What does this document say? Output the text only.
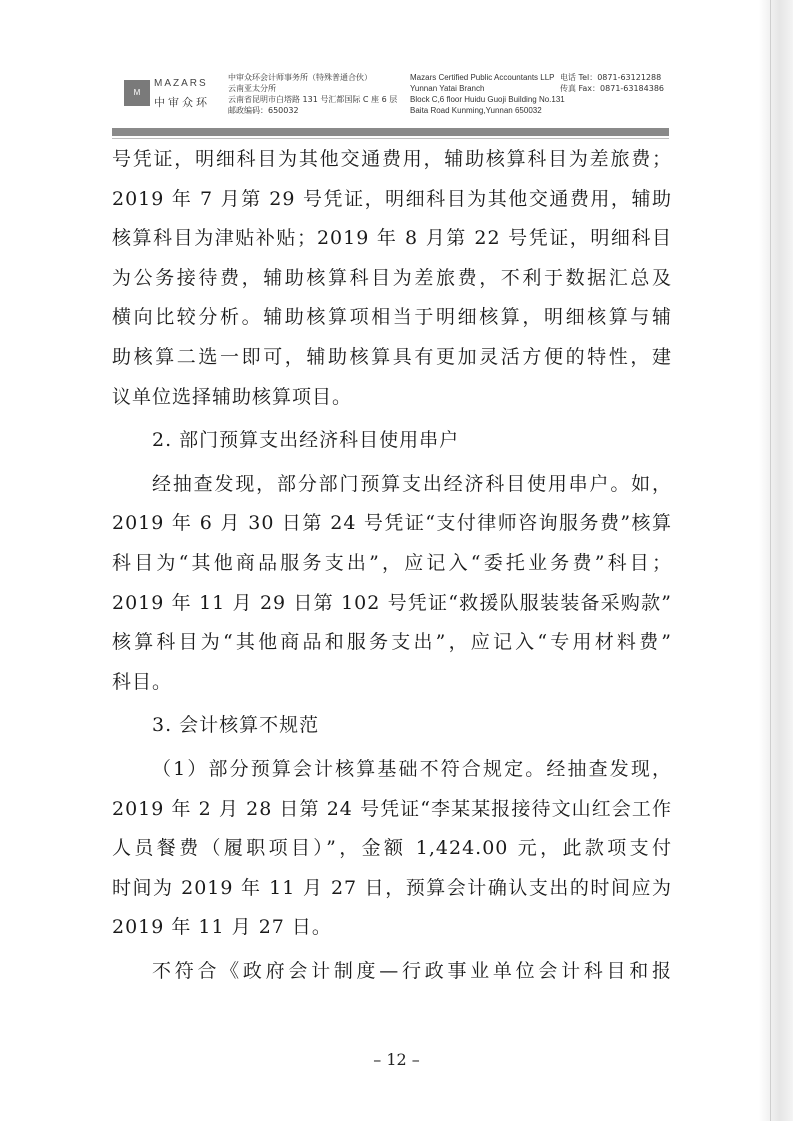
M
MAZARS
中审众环
中审众环会计师事务所（特殊普通合伙）
云南亚太分所
云南省昆明市白塔路 131 号汇都国际 C 座 6 层
邮政编码：650032
Mazars Certified Public Accountants LLP
Yunnan Yatai Branch
Block C,6 floor Huidu Guoji Building No.131
Baita Road Kunming,Yunnan 650032
电话 Tel：0871-63121288
传真 Fax：0871-63184386
号凭证，明细科目为其他交通费用，辅助核算科目为差旅费；
2019 年 7 月第 29 号凭证，明细科目为其他交通费用，辅助
核算科目为津贴补贴；2019 年 8 月第 22 号凭证，明细科目
为公务接待费，辅助核算科目为差旅费，不利于数据汇总及
横向比较分析。辅助核算项相当于明细核算，明细核算与辅
助核算二选一即可，辅助核算具有更加灵活方便的特性，建
议单位选择辅助核算项目。
2. 部门预算支出经济科目使用串户
经抽查发现，部分部门预算支出经济科目使用串户。如，
2019 年 6 月 30 日第 24 号凭证“支付律师咨询服务费”核算
科目为“其他商品服务支出”，应记入“委托业务费”科目；
2019 年 11 月 29 日第 102 号凭证“救援队服装装备采购款”
核算科目为“其他商品和服务支出”，应记入“专用材料费”
科目。
3. 会计核算不规范
（1）部分预算会计核算基础不符合规定。经抽查发现，
2019 年 2 月 28 日第 24 号凭证“李某某报接待文山红会工作
人员餐费（履职项目）”，金额 1,424.00 元，此款项支付
时间为 2019 年 11 月 27 日，预算会计确认支出的时间应为
2019 年 11 月 27 日。
不符合《政府会计制度—行政事业单位会计科目和报
– 12 –
